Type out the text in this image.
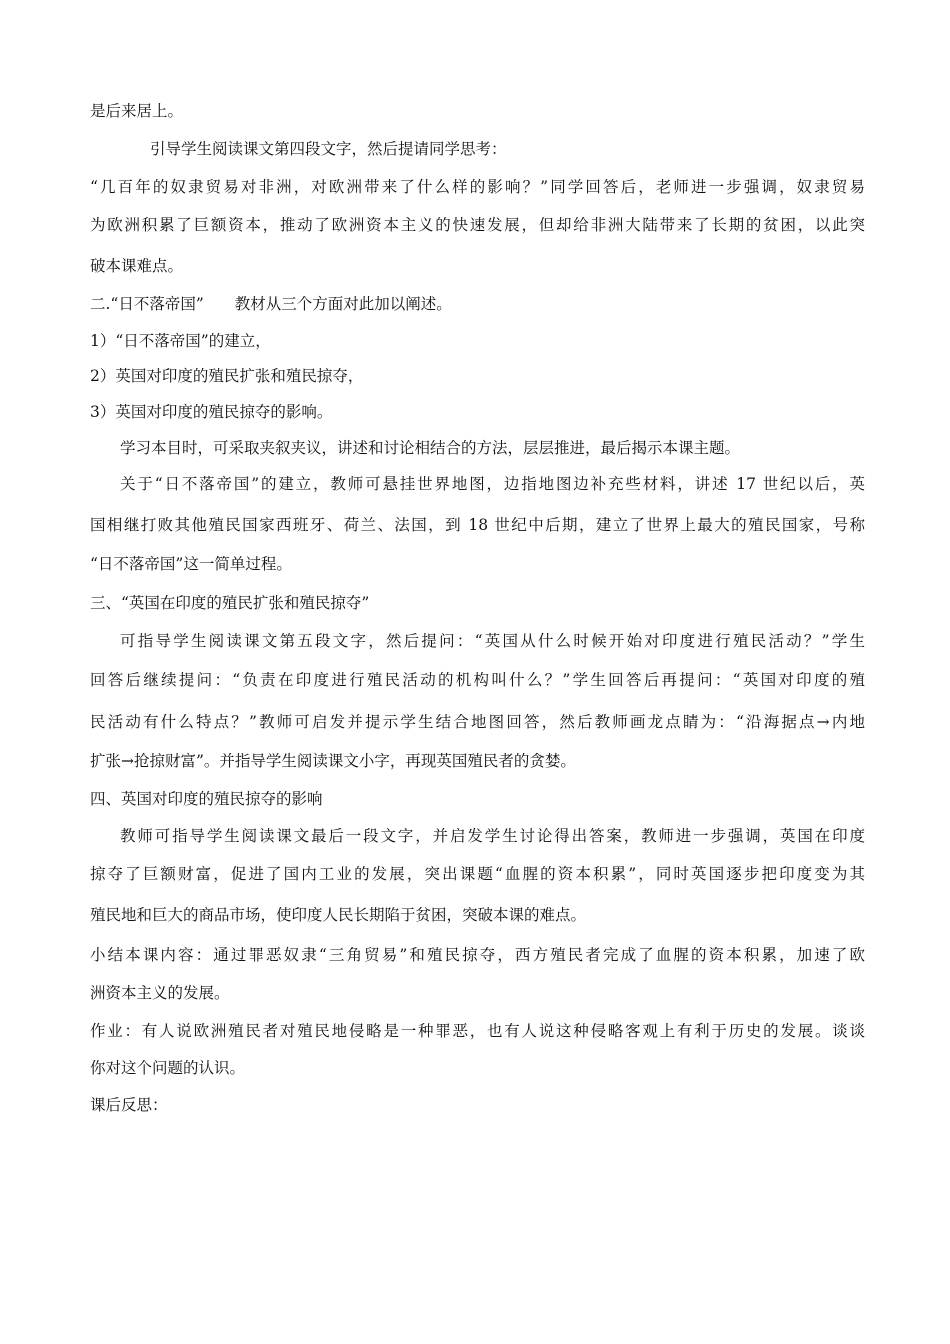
是后来居上。
引导学生阅读课文第四段文字，然后提请同学思考：
“几百年的奴隶贸易对非洲，对欧洲带来了什么样的影响？”同学回答后，老师进一步强调，奴隶贸易
为欧洲积累了巨额资本，推动了欧洲资本主义的快速发展，但却给非洲大陆带来了长期的贫困，以此突
破本课难点。
二.“日不落帝国”　　教材从三个方面对此加以阐述。
1）“日不落帝国”的建立，
2）英国对印度的殖民扩张和殖民掠夺，
3）英国对印度的殖民掠夺的影响。
学习本目时，可采取夹叙夹议，讲述和讨论相结合的方法，层层推进，最后揭示本课主题。
关于“日不落帝国”的建立，教师可悬挂世界地图，边指地图边补充些材料，讲述 17 世纪以后，英
国相继打败其他殖民国家西班牙、荷兰、法国，到 18 世纪中后期，建立了世界上最大的殖民国家，号称
“日不落帝国”这一简单过程。
三、“英国在印度的殖民扩张和殖民掠夺”
可指导学生阅读课文第五段文字，然后提问：“英国从什么时候开始对印度进行殖民活动？”学生
回答后继续提问：“负责在印度进行殖民活动的机构叫什么？”学生回答后再提问：“英国对印度的殖
民活动有什么特点？”教师可启发并提示学生结合地图回答，然后教师画龙点睛为：“沿海据点→内地
扩张→抢掠财富”。并指导学生阅读课文小字，再现英国殖民者的贪婪。
四、英国对印度的殖民掠夺的影响
教师可指导学生阅读课文最后一段文字，并启发学生讨论得出答案，教师进一步强调，英国在印度
掠夺了巨额财富，促进了国内工业的发展，突出课题“血腥的资本积累”，同时英国逐步把印度变为其
殖民地和巨大的商品市场，使印度人民长期陷于贫困，突破本课的难点。
小结本课内容：通过罪恶奴隶“三角贸易”和殖民掠夺，西方殖民者完成了血腥的资本积累，加速了欧
洲资本主义的发展。
作业：有人说欧洲殖民者对殖民地侵略是一种罪恶，也有人说这种侵略客观上有利于历史的发展。谈谈
你对这个问题的认识。
课后反思：
